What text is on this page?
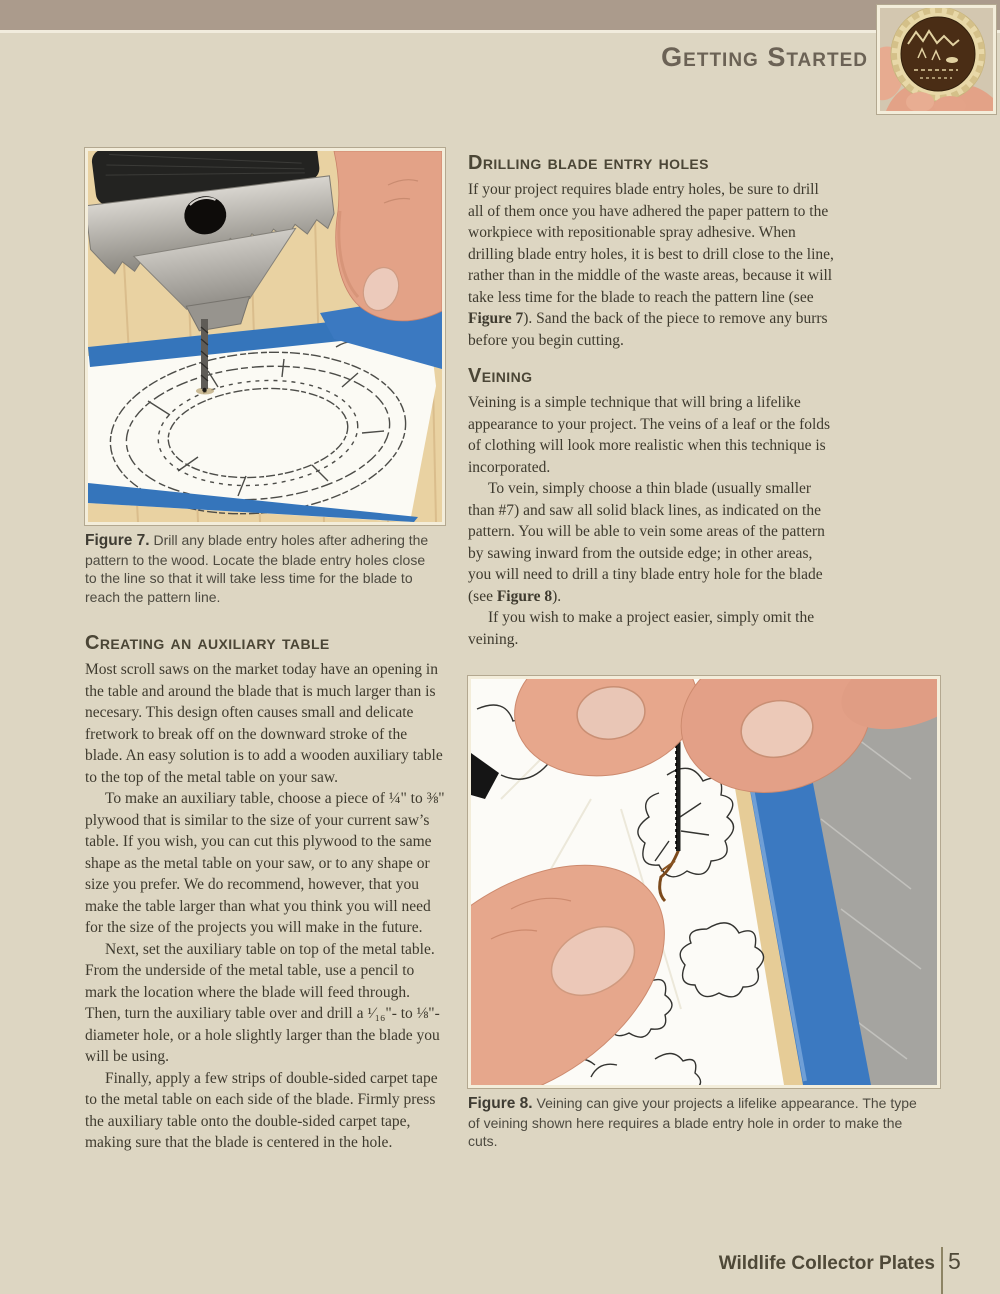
Getting Started

Figure 7. Drill any blade entry holes after adhering the pattern to the wood. Locate the blade entry holes close to the line so that it will take less time for the blade to reach the pattern line.

Creating an auxiliary table

Most scroll saws on the market today have an opening in the table and around the blade that is much larger than is necesary. This design often causes small and delicate fretwork to break off on the downward stroke of the blade. An easy solution is to add a wooden auxiliary table to the top of the metal table on your saw.

To make an auxiliary table, choose a piece of ¼" to ⅜" plywood that is similar to the size of your current saw’s table. If you wish, you can cut this plywood to the same shape as the metal table on your saw, or to any shape or size you prefer. We do recommend, however, that you make the table larger than what you think you will need for the size of the projects you will make in the future.

Next, set the auxiliary table on top of the metal table. From the underside of the metal table, use a pencil to mark the location where the blade will feed through. Then, turn the auxiliary table over and drill a ¹⁄₁₆"- to ⅛"-diameter hole, or a hole slightly larger than the blade you will be using.

Finally, apply a few strips of double-sided carpet tape to the metal table on each side of the blade. Firmly press the auxiliary table onto the double-sided carpet tape, making sure that the blade is centered in the hole.

Drilling blade entry holes

If your project requires blade entry holes, be sure to drill all of them once you have adhered the paper pattern to the workpiece with repositionable spray adhesive. When drilling blade entry holes, it is best to drill close to the line, rather than in the middle of the waste areas, because it will take less time for the blade to reach the pattern line (see Figure 7). Sand the back of the piece to remove any burrs before you begin cutting.

Veining

Veining is a simple technique that will bring a lifelike appearance to your project. The veins of a leaf or the folds of clothing will look more realistic when this technique is incorporated.

To vein, simply choose a thin blade (usually smaller than #7) and saw all solid black lines, as indicated on the pattern. You will be able to vein some areas of the pattern by sawing inward from the outside edge; in other areas, you will need to drill a tiny blade entry hole for the blade (see Figure 8).

If you wish to make a project easier, simply omit the veining.

Figure 8. Veining can give your projects a lifelike appearance. The type of veining shown here requires a blade entry hole in order to make the cuts.

Wildlife Collector Plates 5
